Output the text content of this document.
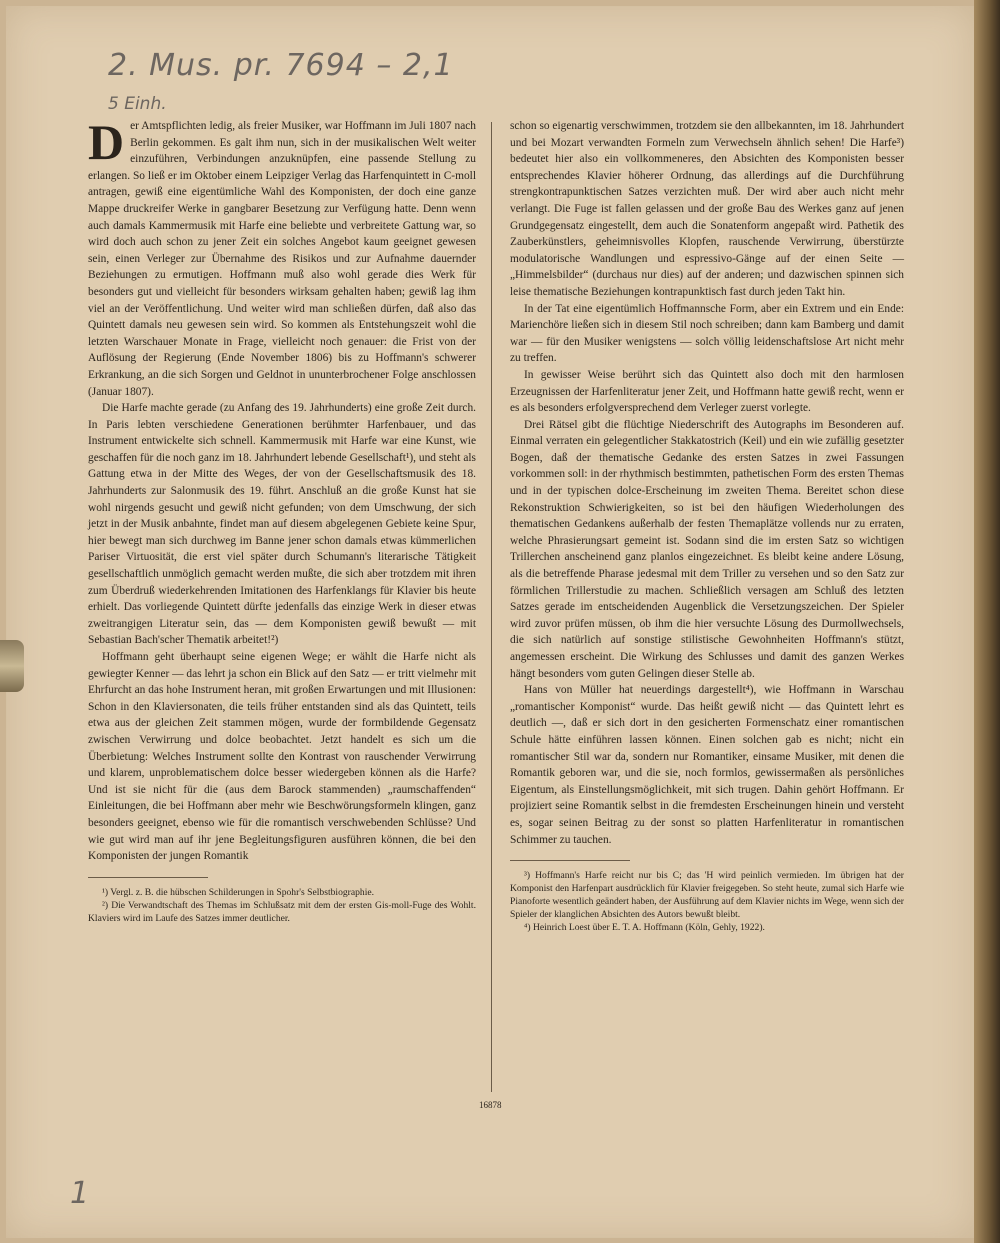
2. Mus. pr. 7694 – 2,1
5 Einh.

Der Amtspflichten ledig, als freier Musiker, war Hoffmann im Juli 1807 nach Berlin gekommen. Es galt ihm nun, sich in der musikalischen Welt weiter einzuführen, Verbindungen anzuknüpfen, eine passende Stellung zu erlangen. So ließ er im Oktober einem Leipziger Verlag das Harfenquintett in C-moll antragen, gewiß eine eigentümliche Wahl des Komponisten, der doch eine ganze Mappe druckreifer Werke in gangbarer Besetzung zur Verfügung hatte. Denn wenn auch damals Kammermusik mit Harfe eine beliebte und verbreitete Gattung war, so wird doch auch schon zu jener Zeit ein solches Angebot kaum geeignet gewesen sein, einen Verleger zur Übernahme des Risikos und zur Aufnahme dauernder Beziehungen zu ermutigen. Hoffmann muß also wohl gerade dies Werk für besonders gut und vielleicht für besonders wirksam gehalten haben; gewiß lag ihm viel an der Veröffentlichung. Und weiter wird man schließen dürfen, daß also das Quintett damals neu gewesen sein wird. So kommen als Entstehungszeit wohl die letzten Warschauer Monate in Frage, vielleicht noch genauer: die Frist von der Auflösung der Regierung (Ende November 1806) bis zu Hoffmann's schwerer Erkrankung, an die sich Sorgen und Geldnot in ununterbrochener Folge anschlossen (Januar 1807).

Die Harfe machte gerade (zu Anfang des 19. Jahrhunderts) eine große Zeit durch. In Paris lebten verschiedene Generationen berühmter Harfenbauer, und das Instrument entwickelte sich schnell. Kammermusik mit Harfe war eine Kunst, wie geschaffen für die noch ganz im 18. Jahrhundert lebende Gesellschaft¹), und steht als Gattung etwa in der Mitte des Weges, der von der Gesellschaftsmusik des 18. Jahrhunderts zur Salonmusik des 19. führt. Anschluß an die große Kunst hat sie wohl nirgends gesucht und gewiß nicht gefunden; von dem Umschwung, der sich jetzt in der Musik anbahnte, findet man auf diesem abgelegenen Gebiete keine Spur, hier bewegt man sich durchweg im Banne jener schon damals etwas kümmerlichen Pariser Virtuosität, die erst viel später durch Schumann's literarische Tätigkeit gesellschaftlich unmöglich gemacht werden mußte, die sich aber trotzdem mit ihren zum Überdruß wiederkehrenden Imitationen des Harfenklangs für Klavier bis heute erhielt. Das vorliegende Quintett dürfte jedenfalls das einzige Werk in dieser etwas zweitrangigen Literatur sein, das — dem Komponisten gewiß bewußt — mit Sebastian Bach'scher Thematik arbeitet!²)

Hoffmann geht überhaupt seine eigenen Wege; er wählt die Harfe nicht als gewiegter Kenner — das lehrt ja schon ein Blick auf den Satz — er tritt vielmehr mit Ehrfurcht an das hohe Instrument heran, mit großen Erwartungen und mit Illusionen: Schon in den Klaviersonaten, die teils früher entstanden sind als das Quintett, teils etwa aus der gleichen Zeit stammen mögen, wurde der formbildende Gegensatz zwischen Verwirrung und dolce beobachtet. Jetzt handelt es sich um die Überbietung: Welches Instrument sollte den Kontrast von rauschender Verwirrung und klarem, unproblematischem dolce besser wiedergeben können als die Harfe? Und ist sie nicht für die (aus dem Barock stammenden) „raumschaffenden“ Einleitungen, die bei Hoffmann aber mehr wie Beschwörungsformeln klingen, ganz besonders geeignet, ebenso wie für die romantisch verschwebenden Schlüsse? Und wie gut wird man auf ihr jene Begleitungsfiguren ausführen können, die bei den Komponisten der jungen Romantik

¹) Vergl. z. B. die hübschen Schilderungen in Spohr's Selbstbiographie.

²) Die Verwandtschaft des Themas im Schlußsatz mit dem der ersten Gis-moll-Fuge des Wohlt. Klaviers wird im Laufe des Satzes immer deutlicher.

schon so eigenartig verschwimmen, trotzdem sie den allbekannten, im 18. Jahrhundert und bei Mozart verwandten Formeln zum Verwechseln ähnlich sehen! Die Harfe³) bedeutet hier also ein vollkommeneres, den Absichten des Komponisten besser entsprechendes Klavier höherer Ordnung, das allerdings auf die Durchführung strengkontrapunktischen Satzes verzichten muß. Der wird aber auch nicht mehr verlangt. Die Fuge ist fallen gelassen und der große Bau des Werkes ganz auf jenen Grundgegensatz eingestellt, dem auch die Sonatenform angepaßt wird. Pathetik des Zauberkünstlers, geheimnisvolles Klopfen, rauschende Verwirrung, überstürzte modulatorische Wandlungen und espressivo-Gänge auf der einen Seite — „Himmelsbilder“ (durchaus nur dies) auf der anderen; und dazwischen spinnen sich leise thematische Beziehungen kontrapunktisch fast durch jeden Takt hin.

In der Tat eine eigentümlich Hoffmannsche Form, aber ein Extrem und ein Ende: Marienchöre ließen sich in diesem Stil noch schreiben; dann kam Bamberg und damit war — für den Musiker wenigstens — solch völlig leidenschaftslose Art nicht mehr zu treffen.

In gewisser Weise berührt sich das Quintett also doch mit den harmlosen Erzeugnissen der Harfenliteratur jener Zeit, und Hoffmann hatte gewiß recht, wenn er es als besonders erfolgversprechend dem Verleger zuerst vorlegte.

Drei Rätsel gibt die flüchtige Niederschrift des Autographs im Besonderen auf. Einmal verraten ein gelegentlicher Stakkatostrich (Keil) und ein wie zufällig gesetzter Bogen, daß der thematische Gedanke des ersten Satzes in zwei Fassungen vorkommen soll: in der rhythmisch bestimmten, pathetischen Form des ersten Themas und in der typischen dolce-Erscheinung im zweiten Thema. Bereitet schon diese Rekonstruktion Schwierigkeiten, so ist bei den häufigen Wiederholungen des thematischen Gedankens außerhalb der festen Themaplätze vollends nur zu erraten, welche Phrasierungsart gemeint ist. Sodann sind die im ersten Satz so wichtigen Trillerchen anscheinend ganz planlos eingezeichnet. Es bleibt keine andere Lösung, als die betreffende Pharase jedesmal mit dem Triller zu versehen und so den Satz zur förmlichen Trillerstudie zu machen. Schließlich versagen am Schluß des letzten Satzes gerade im entscheidenden Augenblick die Versetzungszeichen. Der Spieler wird zuvor prüfen müssen, ob ihm die hier versuchte Lösung des Durmollwechsels, die sich natürlich auf sonstige stilistische Gewohnheiten Hoffmann's stützt, angemessen erscheint. Die Wirkung des Schlusses und damit des ganzen Werkes hängt besonders vom guten Gelingen dieser Stelle ab.

Hans von Müller hat neuerdings dargestellt⁴), wie Hoffmann in Warschau „romantischer Komponist“ wurde. Das heißt gewiß nicht — das Quintett lehrt es deutlich —, daß er sich dort in den gesicherten Formenschatz einer romantischen Schule hätte einführen lassen können. Einen solchen gab es nicht; nicht ein romantischer Stil war da, sondern nur Romantiker, einsame Musiker, mit denen die Romantik geboren war, und die sie, noch formlos, gewissermaßen als persönliches Eigentum, als Einstellungsmöglichkeit, mit sich trugen. Dahin gehört Hoffmann. Er projiziert seine Romantik selbst in die fremdesten Erscheinungen hinein und versteht es, sogar seinen Beitrag zu der sonst so platten Harfenliteratur in romantischen Schimmer zu tauchen.

³) Hoffmann's Harfe reicht nur bis C; das 'H wird peinlich vermieden. Im übrigen hat der Komponist den Harfenpart ausdrücklich für Klavier freigegeben. So steht heute, zumal sich Harfe wie Pianoforte wesentlich geändert haben, der Ausführung auf dem Klavier nichts im Wege, wenn sich der Spieler der klanglichen Absichten des Autors bewußt bleibt.

⁴) Heinrich Loest über E. T. A. Hoffmann (Köln, Gehly, 1922).

16878
1
